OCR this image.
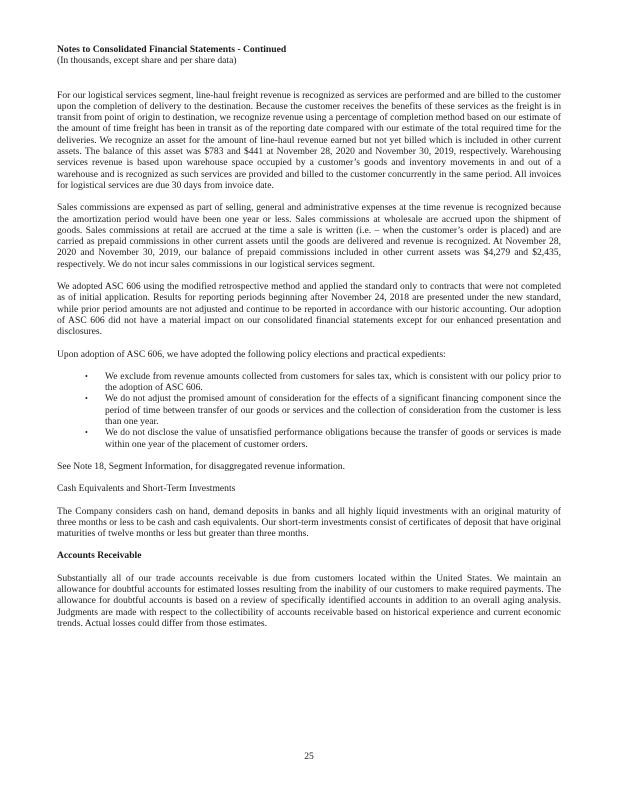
Notes to Consolidated Financial Statements - Continued
(In thousands, except share and per share data)

For our logistical services segment, line-haul freight revenue is recognized as services are performed and are billed to the customer upon the completion of delivery to the destination. Because the customer receives the benefits of these services as the freight is in transit from point of origin to destination, we recognize revenue using a percentage of completion method based on our estimate of the amount of time freight has been in transit as of the reporting date compared with our estimate of the total required time for the deliveries. We recognize an asset for the amount of line-haul revenue earned but not yet billed which is included in other current assets. The balance of this asset was $783 and $441 at November 28, 2020 and November 30, 2019, respectively. Warehousing services revenue is based upon warehouse space occupied by a customer’s goods and inventory movements in and out of a warehouse and is recognized as such services are provided and billed to the customer concurrently in the same period. All invoices for logistical services are due 30 days from invoice date.

Sales commissions are expensed as part of selling, general and administrative expenses at the time revenue is recognized because the amortization period would have been one year or less. Sales commissions at wholesale are accrued upon the shipment of goods. Sales commissions at retail are accrued at the time a sale is written (i.e. – when the customer’s order is placed) and are carried as prepaid commissions in other current assets until the goods are delivered and revenue is recognized. At November 28, 2020 and November 30, 2019, our balance of prepaid commissions included in other current assets was $4,279 and $2,435, respectively. We do not incur sales commissions in our logistical services segment.

We adopted ASC 606 using the modified retrospective method and applied the standard only to contracts that were not completed as of initial application. Results for reporting periods beginning after November 24, 2018 are presented under the new standard, while prior period amounts are not adjusted and continue to be reported in accordance with our historic accounting. Our adoption of ASC 606 did not have a material impact on our consolidated financial statements except for our enhanced presentation and disclosures.

Upon adoption of ASC 606, we have adopted the following policy elections and practical expedients:

• We exclude from revenue amounts collected from customers for sales tax, which is consistent with our policy prior to the adoption of ASC 606.
• We do not adjust the promised amount of consideration for the effects of a significant financing component since the period of time between transfer of our goods or services and the collection of consideration from the customer is less than one year.
• We do not disclose the value of unsatisfied performance obligations because the transfer of goods or services is made within one year of the placement of customer orders.

See Note 18, Segment Information, for disaggregated revenue information.

Cash Equivalents and Short-Term Investments

The Company considers cash on hand, demand deposits in banks and all highly liquid investments with an original maturity of three months or less to be cash and cash equivalents. Our short-term investments consist of certificates of deposit that have original maturities of twelve months or less but greater than three months.

Accounts Receivable

Substantially all of our trade accounts receivable is due from customers located within the United States. We maintain an allowance for doubtful accounts for estimated losses resulting from the inability of our customers to make required payments. The allowance for doubtful accounts is based on a review of specifically identified accounts in addition to an overall aging analysis. Judgments are made with respect to the collectibility of accounts receivable based on historical experience and current economic trends. Actual losses could differ from those estimates.

25
